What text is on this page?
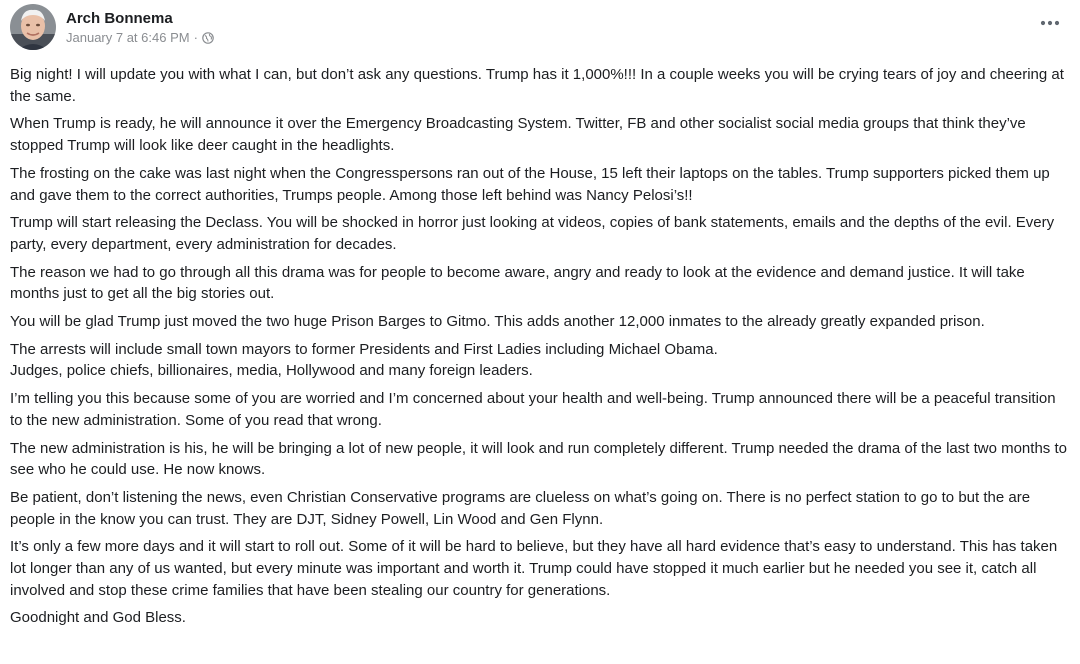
Arch Bonnema
January 7 at 6:46 PM ·

Big night! I will update you with what I can, but don’t ask any questions. Trump has it 1,000%!!! In a couple weeks you will be crying tears of joy and cheering at the same.

When Trump is ready, he will announce it over the Emergency Broadcasting System. Twitter, FB and other socialist social media groups that think they’ve stopped Trump will look like deer caught in the headlights.

The frosting on the cake was last night when the Congresspersons ran out of the House, 15 left their laptops on the tables. Trump supporters picked them up and gave them to the correct authorities, Trumps people. Among those left behind was Nancy Pelosi’s!!

Trump will start releasing the Declass. You will be shocked in horror just looking at videos, copies of bank statements, emails and the depths of the evil. Every party, every department, every administration for decades.

The reason we had to go through all this drama was for people to become aware, angry and ready to look at the evidence and demand justice. It will take months just to get all the big stories out.

You will be glad Trump just moved the two huge Prison Barges to Gitmo. This adds another 12,000 inmates to the already greatly expanded prison.

The arrests will include small town mayors to former Presidents and First Ladies including Michael Obama.
Judges, police chiefs, billionaires, media, Hollywood and many foreign leaders.

I’m telling you this because some of you are worried and I’m concerned about your health and well-being. Trump announced there will be a peaceful transition to the new administration. Some of you read that wrong.

The new administration is his, he will be bringing a lot of new people, it will look and run completely different. Trump needed the drama of the last two months to see who he could use. He now knows.

Be patient, don’t listening the news, even Christian Conservative programs are clueless on what’s going on. There is no perfect station to go to but the are people in the know you can trust. They are DJT, Sidney Powell, Lin Wood and Gen Flynn.

It’s only a few more days and it will start to roll out. Some of it will be hard to believe, but they have all hard evidence that’s easy to understand. This has taken lot longer than any of us wanted, but every minute was important and worth it. Trump could have stopped it much earlier but he needed you see it, catch all involved and stop these crime families that have been stealing our country for generations.

Goodnight and God Bless.
